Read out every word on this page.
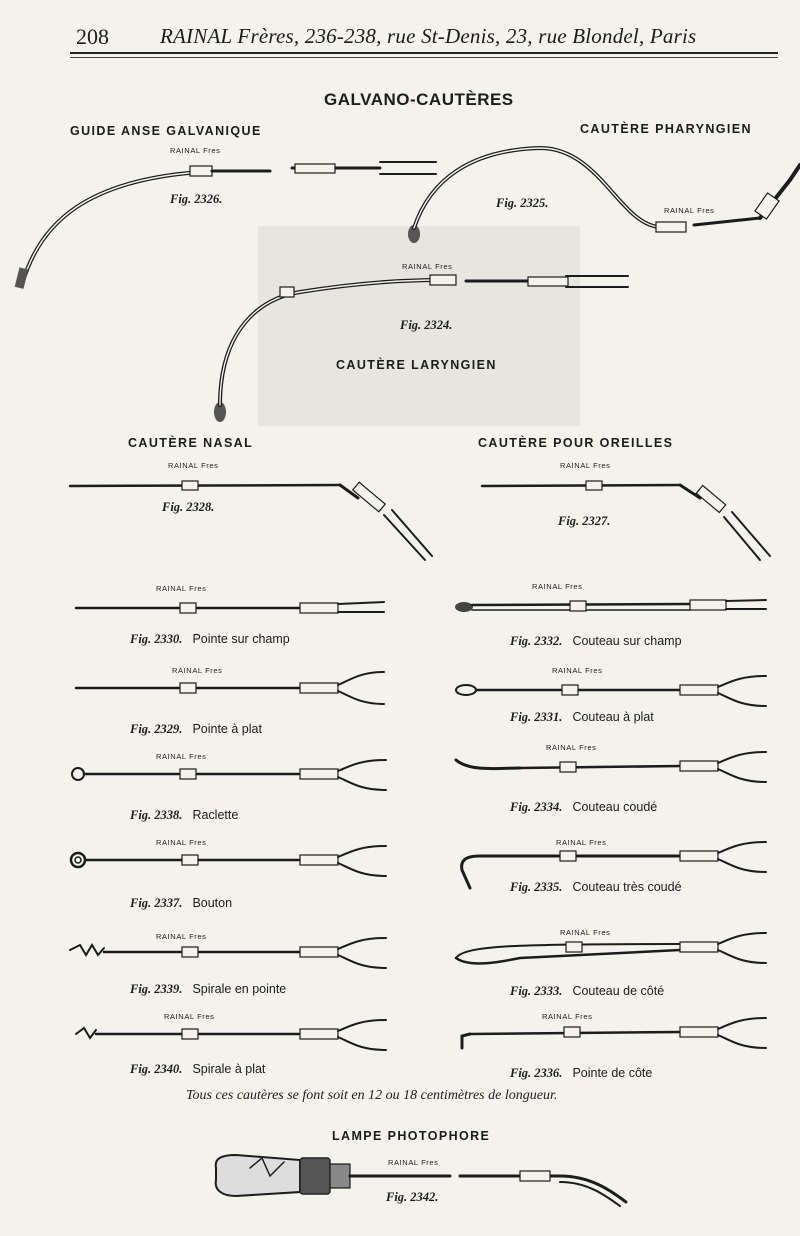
208 RAINAL Frères, 236-238, rue St-Denis, 23, rue Blondel, Paris
GALVANO-CAUTÈRES
GUIDE ANSE GALVANIQUE
RAINAL Fres
Fig. 2326.
CAUTÈRE PHARYNGIEN
Fig. 2325.
RAINAL Fres
RAINAL Fres
Fig. 2324.
CAUTÈRE LARYNGIEN
CAUTÈRE NASAL
RAINAL Fres
Fig. 2328.
CAUTÈRE POUR OREILLES
RAINAL Fres
Fig. 2327.
RAINAL Fres
Fig. 2330. Pointe sur champ
RAINAL Fres
Fig. 2329. Pointe à plat
RAINAL Fres
Fig. 2338. Raclette
RAINAL Fres
Fig. 2337. Bouton
RAINAL Fres
Fig. 2339. Spirale en pointe
RAINAL Fres
Fig. 2340. Spirale à plat
RAINAL Fres
Fig. 2332. Couteau sur champ
RAINAL Fres
Fig. 2331. Couteau à plat
RAINAL Fres
Fig. 2334. Couteau coudé
RAINAL Fres
Fig. 2335. Couteau très coudé
RAINAL Fres
Fig. 2333. Couteau de côté
RAINAL Fres
Fig. 2336. Pointe de côte
Tous ces cautères se font soit en 12 ou 18 centimètres de longueur.
LAMPE PHOTOPHORE
RAINAL Fres
Fig. 2342.
